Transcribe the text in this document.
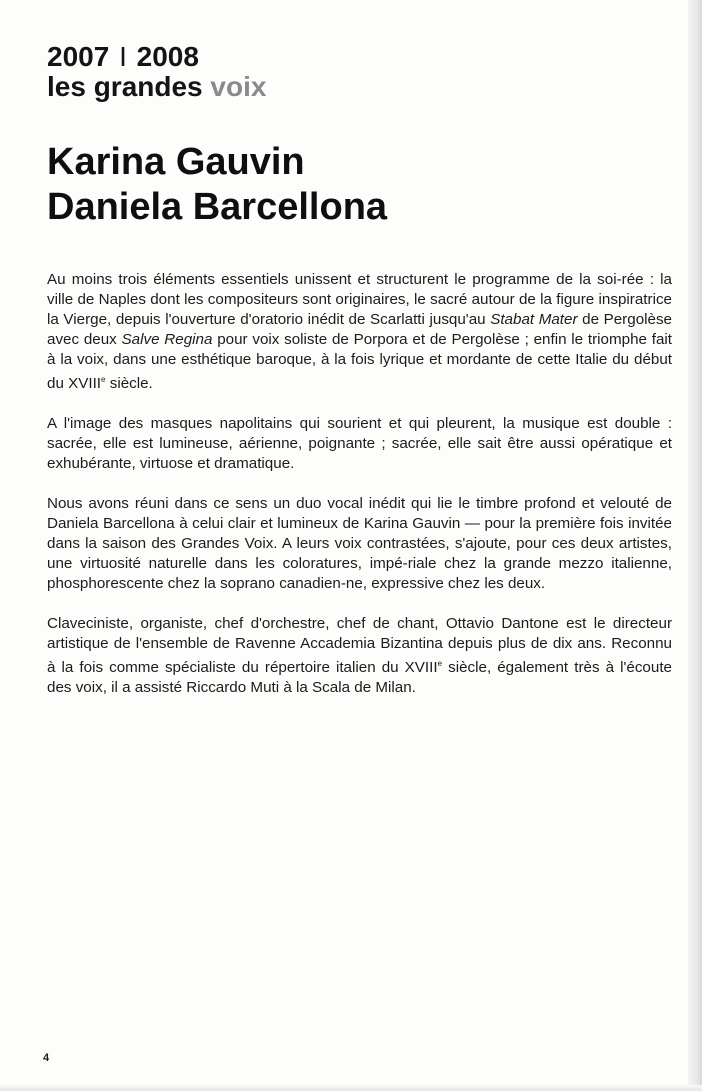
2007 I 2008
les grandes voix
Karina Gauvin
Daniela Barcellona

Au moins trois éléments essentiels unissent et structurent le programme de la soi-rée : la ville de Naples dont les compositeurs sont originaires, le sacré autour de la figure inspiratrice la Vierge, depuis l'ouverture d'oratorio inédit de Scarlatti jusqu'au Stabat Mater de Pergolèse avec deux Salve Regina pour voix soliste de Porpora et de Pergolèse ; enfin le triomphe fait à la voix, dans une esthétique baroque, à la fois lyrique et mordante de cette Italie du début du XVIIIe siècle.

A l'image des masques napolitains qui sourient et qui pleurent, la musique est double : sacrée, elle est lumineuse, aérienne, poignante ; sacrée, elle sait être aussi opératique et exhubérante, virtuose et dramatique.

Nous avons réuni dans ce sens un duo vocal inédit qui lie le timbre profond et velouté de Daniela Barcellona à celui clair et lumineux de Karina Gauvin — pour la première fois invitée dans la saison des Grandes Voix. A leurs voix contrastées, s'ajoute, pour ces deux artistes, une virtuosité naturelle dans les coloratures, impé-riale chez la grande mezzo italienne, phosphorescente chez la soprano canadien-ne, expressive chez les deux.

Claveciniste, organiste, chef d'orchestre, chef de chant, Ottavio Dantone est le directeur artistique de l'ensemble de Ravenne Accademia Bizantina depuis plus de dix ans. Reconnu à la fois comme spécialiste du répertoire italien du XVIIIe siècle, également très à l'écoute des voix, il a assisté Riccardo Muti à la Scala de Milan.

4
